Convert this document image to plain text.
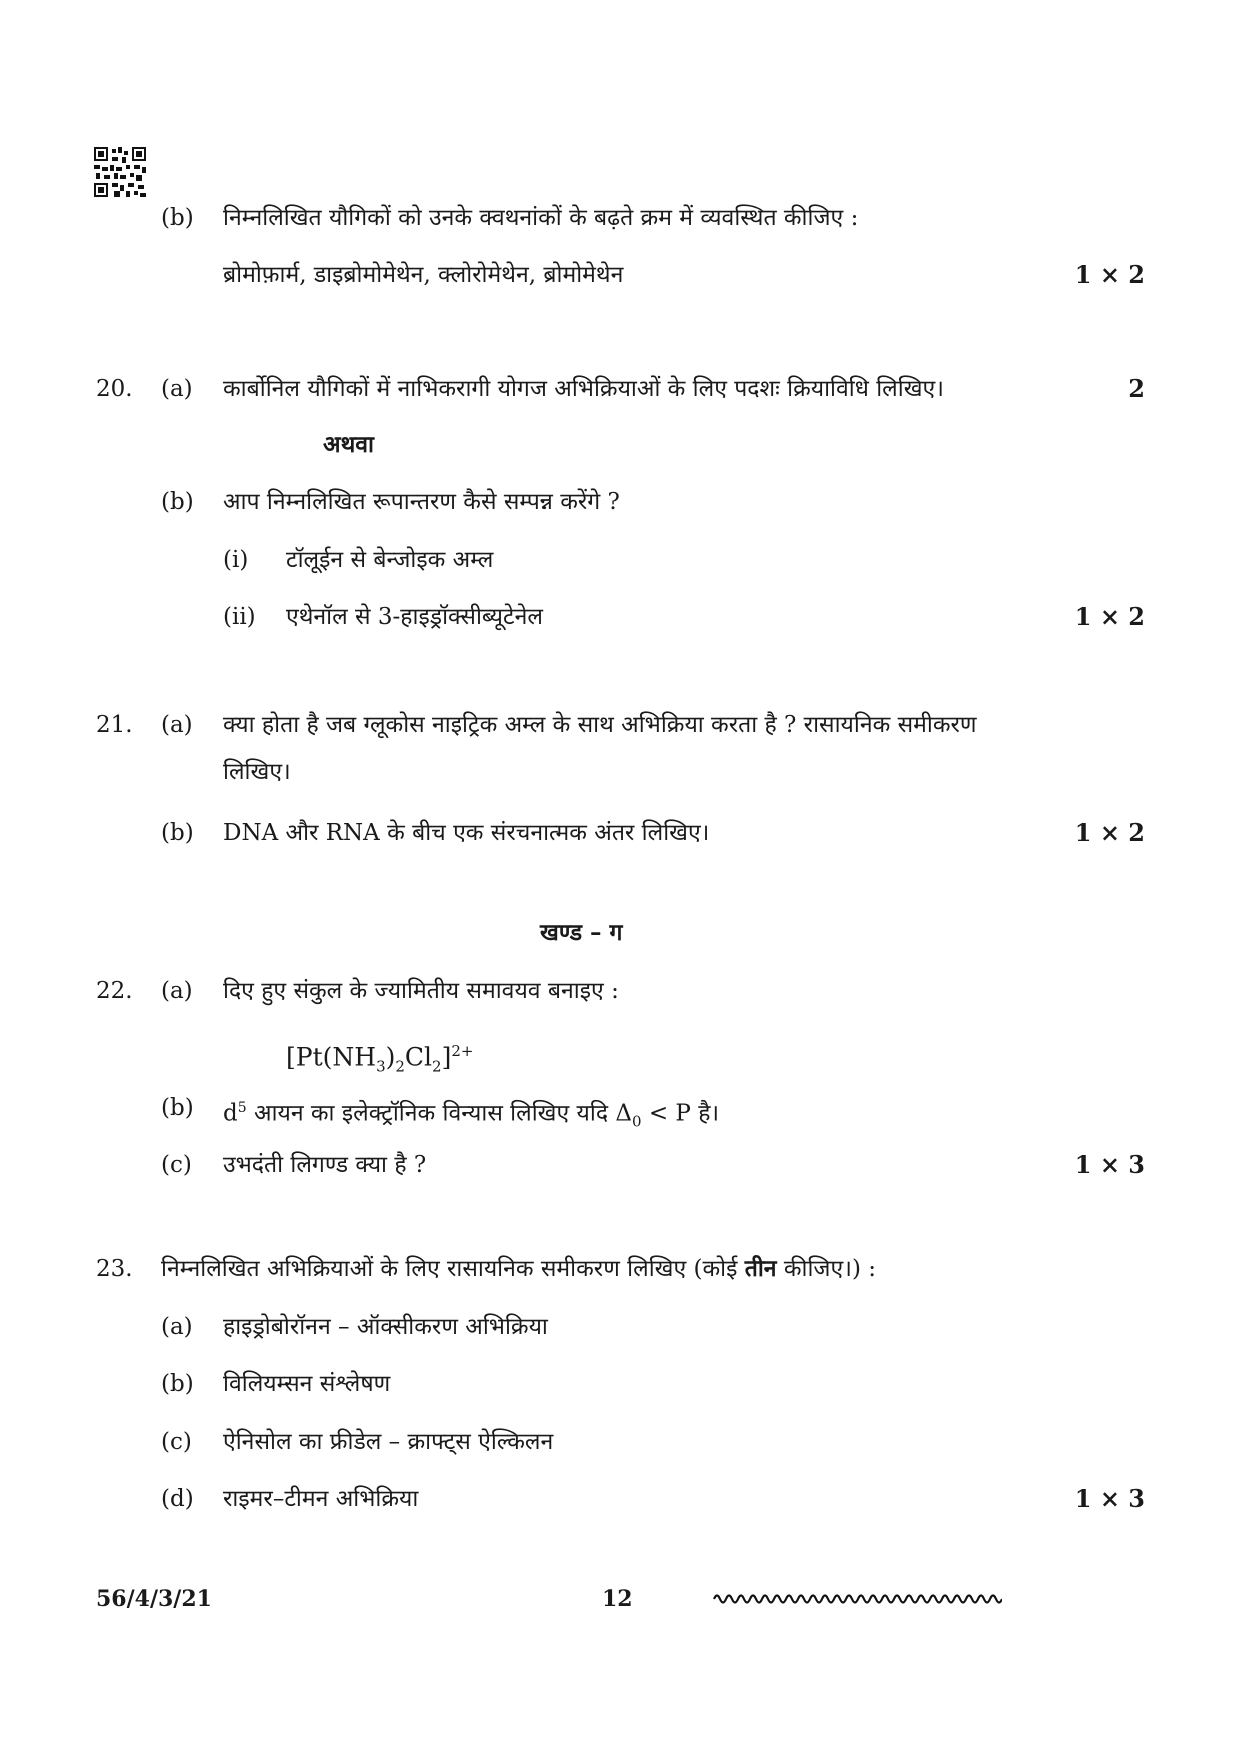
(b) निम्नलिखित यौगिकों को उनके क्वथनांकों के बढ़ते क्रम में व्यवस्थित कीजिए :
ब्रोमोफ़ार्म, डाइब्रोमोमेथेन, क्लोरोमेथेन, ब्रोमोमेथेन	1 × 2
20. (a) कार्बोनिल यौगिकों में नाभिकरागी योगज अभिक्रियाओं के लिए पदशः क्रियाविधि लिखिए।	2
अथवा
(b) आप निम्नलिखित रूपान्तरण कैसे सम्पन्न करेंगे ?
(i) टॉलूईन से बेन्जोइक अम्ल
(ii) एथेनॉल से 3-हाइड्रॉक्सीब्यूटेनेल	1 × 2
21. (a) क्या होता है जब ग्लूकोस नाइट्रिक अम्ल के साथ अभिक्रिया करता है ? रासायनिक समीकरण
लिखिए।
(b) DNA और RNA के बीच एक संरचनात्मक अंतर लिखिए।	1 × 2
खण्ड – ग
22. (a) दिए हुए संकुल के ज्यामितीय समावयव बनाइए :
$[Pt(NH_3)_2Cl_2]^{2+}$
(b) $d^5$ आयन का इलेक्ट्रॉनिक विन्यास लिखिए यदि $\Delta_0 < P$ है।
(c) उभदंती लिगण्ड क्या है ?	1 × 3
23. निम्नलिखित अभिक्रियाओं के लिए रासायनिक समीकरण लिखिए (कोई तीन कीजिए।) :
(a) हाइड्रोबोरॉनन – ऑक्सीकरण अभिक्रिया
(b) विलियम्सन संश्लेषण
(c) ऐनिसोल का फ्रीडेल – क्राफ्ट्स ऐल्किलन
(d) राइमर–टीमन अभिक्रिया	1 × 3
56/4/3/21	12
